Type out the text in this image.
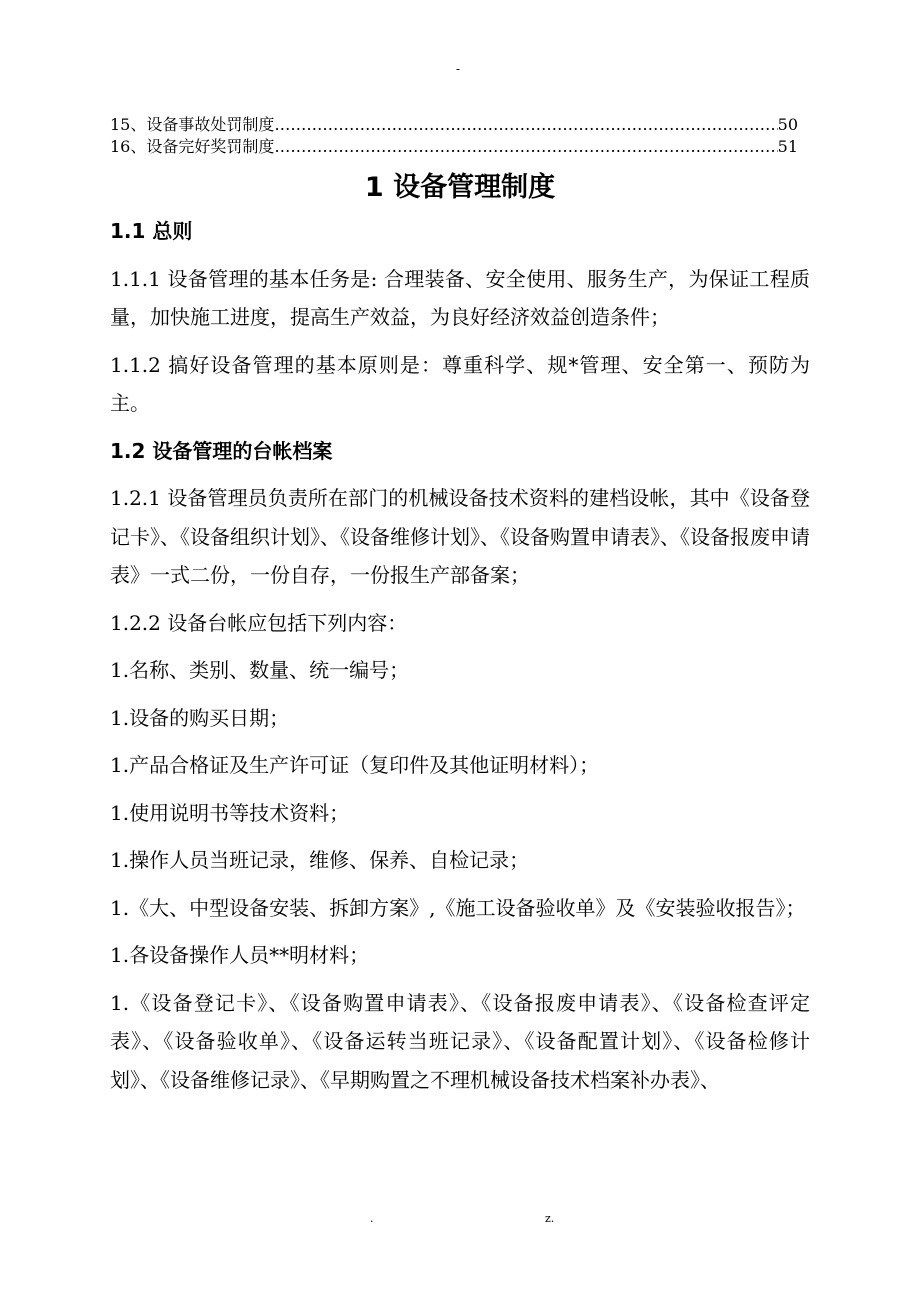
-
15、设备事故处罚制度 ……………………………………………………………………………………………………………………………………	50
16、设备完好奖罚制度 ……………………………………………………………………………………………………………………………………	51
1 设备管理制度
1.1 总则

1.1.1 设备管理的基本任务是: 合理装备、安全使用、服务生产，为保证工程质量，加快施工进度，提高生产效益，为良好经济效益创造条件；

1.1.2 搞好设备管理的基本原则是：尊重科学、规*管理、安全第一、预防为主。

1.2 设备管理的台帐档案

1.2.1 设备管理员负责所在部门的机械设备技术资料的建档设帐，其中《设备登记卡》、《设备组织计划》、《设备维修计划》、《设备购置申请表》、《设备报废申请表》一式二份，一份自存，一份报生产部备案；

1.2.2 设备台帐应包括下列内容：

1.名称、类别、数量、统一编号；

1.设备的购买日期；

1.产品合格证及生产许可证（复印件及其他证明材料）；

1.使用说明书等技术资料；

1.操作人员当班记录，维修、保养、自检记录；

1.《大、中型设备安装、拆卸方案》,《施工设备验收单》及《安装验收报告》；

1.各设备操作人员**明材料；

1.《设备登记卡》、《设备购置申请表》、《设备报废申请表》、《设备检查评定表》、《设备验收单》、《设备运转当班记录》、《设备配置计划》、《设备检修计划》、《设备维修记录》、《早期购置之不理机械设备技术档案补办表》、

.	z.
